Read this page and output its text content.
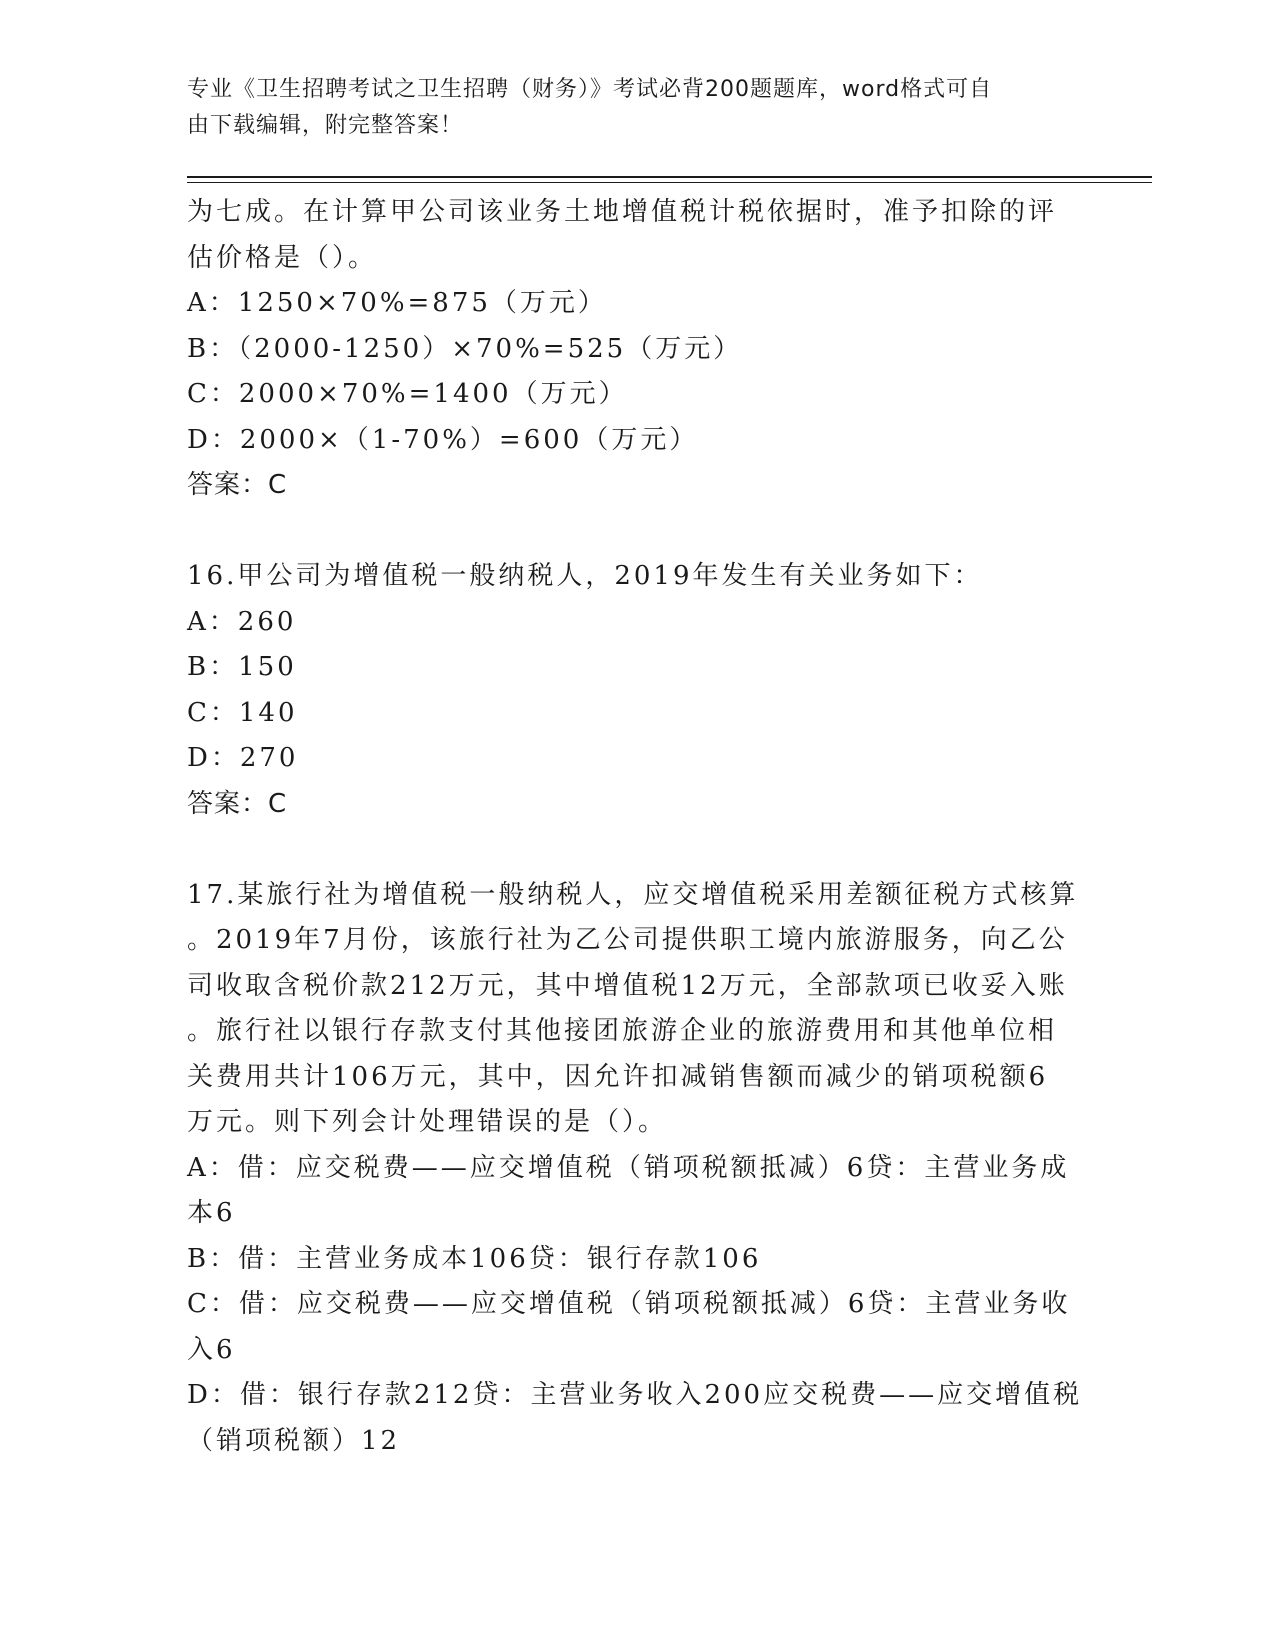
专业《卫生招聘考试之卫生招聘（财务）》考试必背200题题库，word格式可自
由下载编辑，附完整答案！

为七成。在计算甲公司该业务土地增值税计税依据时，准予扣除的评

估价格是（）。

A：1250×70%=875（万元）

B：（2000-1250）×70%=525（万元）

C：2000×70%=1400（万元）

D：2000×（1-70%）=600（万元）

答案：C

16.甲公司为增值税一般纳税人，2019年发生有关业务如下：

A：260

B：150

C：140

D：270

答案：C

17.某旅行社为增值税一般纳税人，应交增值税采用差额征税方式核算

。2019年7月份，该旅行社为乙公司提供职工境内旅游服务，向乙公

司收取含税价款212万元，其中增值税12万元，全部款项已收妥入账

。旅行社以银行存款支付其他接团旅游企业的旅游费用和其他单位相

关费用共计106万元，其中，因允许扣减销售额而减少的销项税额6

万元。则下列会计处理错误的是（）。

A：借：应交税费——应交增值税（销项税额抵减）6贷：主营业务成

本6

B：借：主营业务成本106贷：银行存款106

C：借：应交税费——应交增值税（销项税额抵减）6贷：主营业务收

入6

D：借：银行存款212贷：主营业务收入200应交税费——应交增值税

（销项税额）12
